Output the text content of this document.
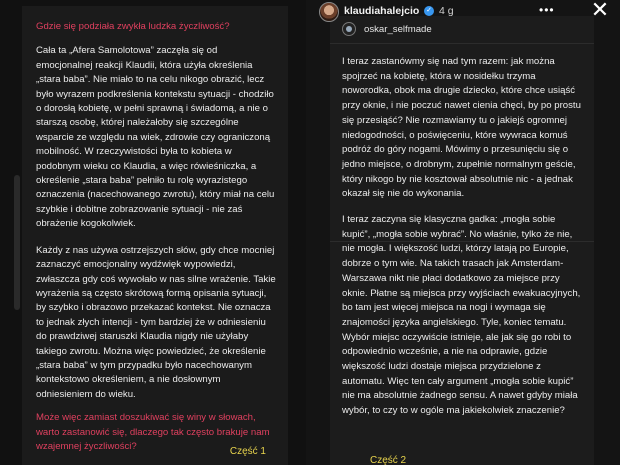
Gdzie się podziała zwykła ludzka życzliwość?

Cała ta „Afera Samolotowa” zaczęła się od emocjonalnej reakcji Klaudii, która użyła określenia „stara baba”. Nie miało to na celu nikogo obrazić, lecz było wyrazem podkreślenia kontekstu sytuacji - chodziło o dorosłą kobietę, w pełni sprawną i świadomą, a nie o starszą osobę, której należałoby się szczególne wsparcie ze względu na wiek, zdrowie czy ograniczoną mobilność. W rzeczywistości była to kobieta w podobnym wieku co Klaudia, a więc rówieśniczka, a określenie „stara baba” pełniło tu rolę wyrazistego oznaczenia (nacechowanego zwrotu), który miał na celu szybkie i dobitne zobrazowanie sytuacji - nie zaś obrażenie kogokolwiek.

Każdy z nas używa ostrzejszych słów, gdy chce mocniej zaznaczyć emocjonalny wydźwięk wypowiedzi, zwłaszcza gdy coś wywołało w nas silne wrażenie. Takie wyrażenia są często skrótową formą opisania sytuacji, by szybko i obrazowo przekazać kontekst. Nie oznacza to jednak złych intencji - tym bardziej że w odniesieniu do prawdziwej staruszki Klaudia nigdy nie użyłaby takiego zwrotu. Można więc powiedzieć, że określenie „stara baba” w tym przypadku było nacechowanym kontekstowo określeniem, a nie dosłownym odniesieniem do wieku.

Może więc zamiast doszukiwać się winy w słowach, warto zastanowić się, dlaczego tak często brakuje nam wzajemnej życzliwości?	Część 1
oskar_selfmade

I teraz zastanówmy się nad tym razem: jak można spojrzeć na kobietę, która w nosidełku trzyma noworodka, obok ma drugie dziecko, które chce usiąść przy oknie, i nie poczuć nawet cienia chęci, by po prostu się przesiąść? Nie rozmawiamy tu o jakiejś ogromnej niedogodności, o poświęceniu, które wywraca komuś podróż do góry nogami. Mówimy o przesunięciu się o jedno miejsce, o drobnym, zupełnie normalnym geście, który nikogo by nie kosztował absolutnie nic - a jednak okazał się nie do wykonania.

I teraz zaczyna się klasyczna gadka: „mogła sobie kupić”, „mogła sobie wybrać”. No właśnie, tylko że nie, nie mogła. I większość ludzi, którzy latają po Europie, dobrze o tym wie. Na takich trasach jak Amsterdam-Warszawa nikt nie płaci dodatkowo za miejsce przy oknie. Płatne są miejsca przy wyjściach ewakuacyjnych, bo tam jest więcej miejsca na nogi i wymaga się znajomości języka angielskiego. Tyle, koniec tematu. Wybór miejsc oczywiście istnieje, ale jak się go robi to odpowiednio wcześnie, a nie na odprawie, gdzie większość ludzi dostaje miejsca przydzielone z automatu. Więc ten cały argument „mogła sobie kupić” nie ma absolutnie żadnego sensu. A nawet gdyby miała wybór, to czy to w ogóle ma jakiekolwiek znaczenie?

Część 2
klaudiahalejcio ✓ 4 g	••• ✕
